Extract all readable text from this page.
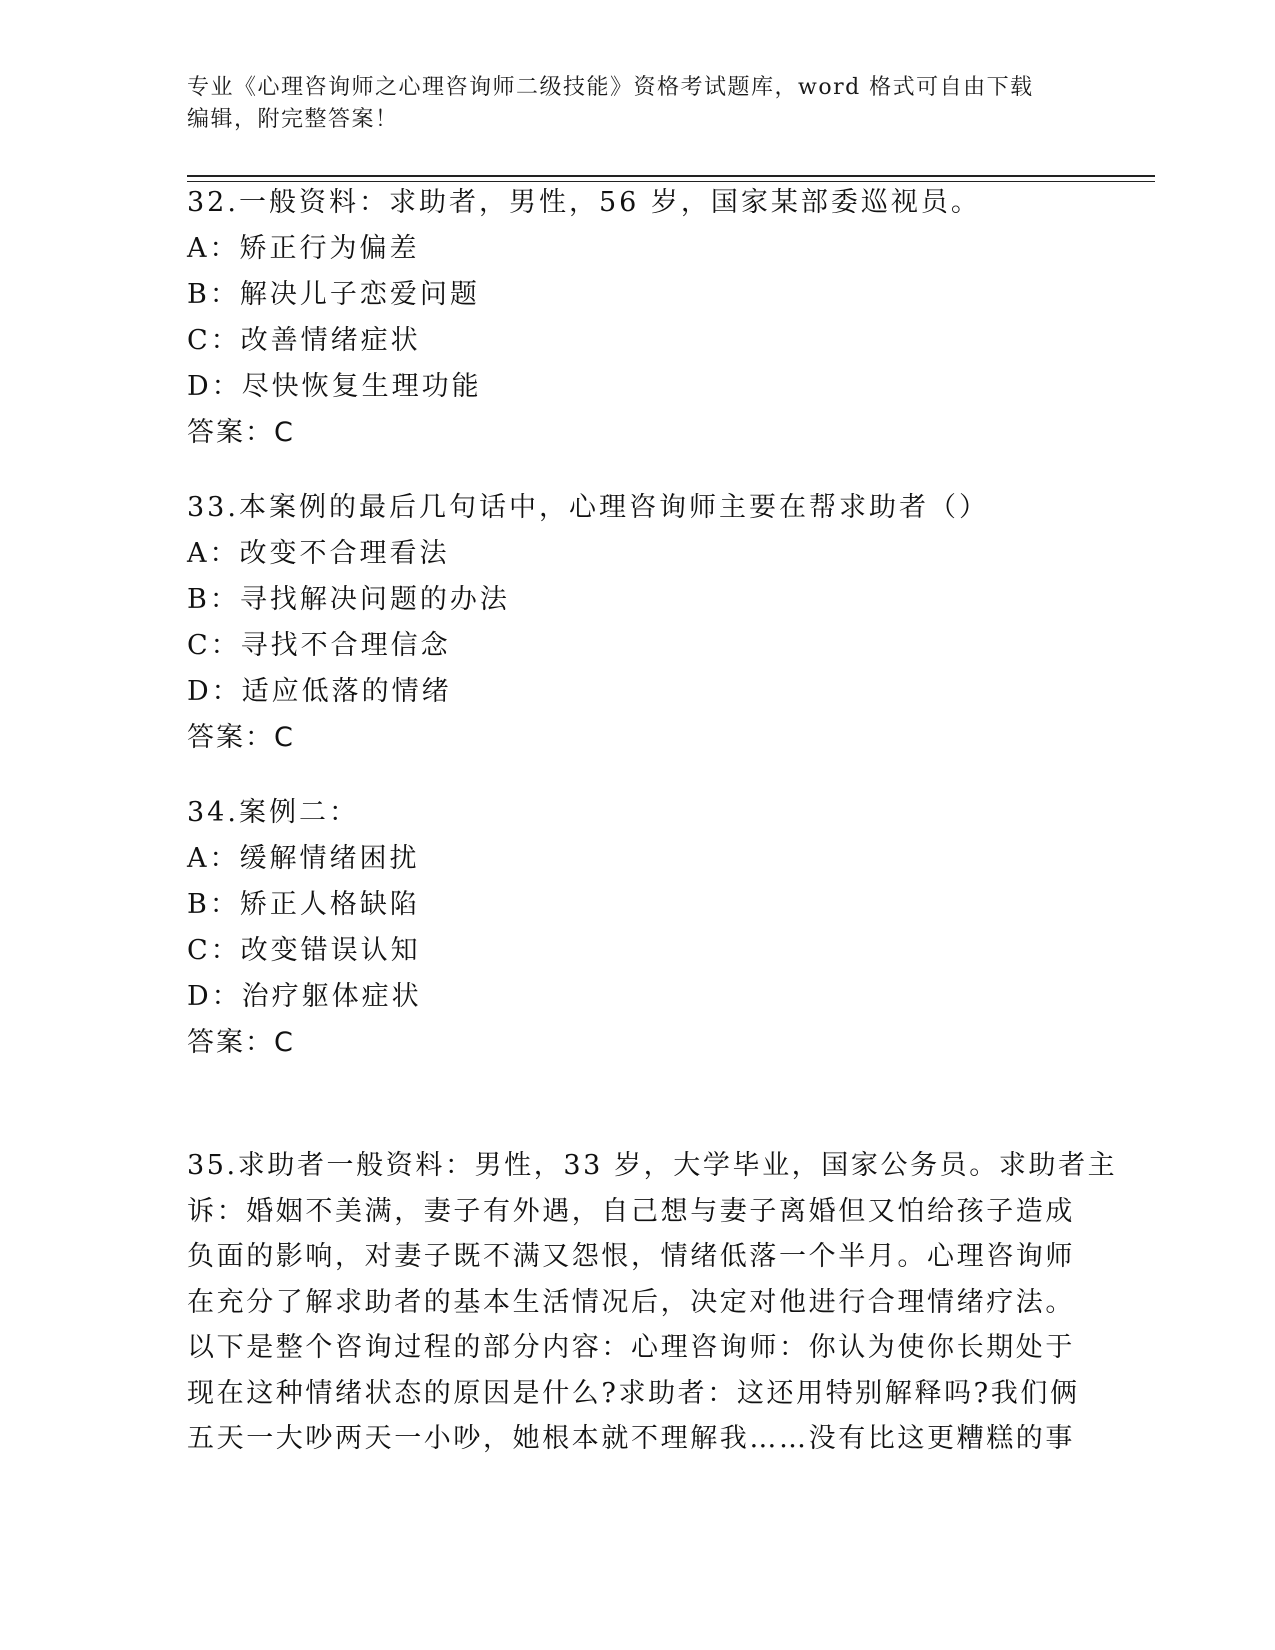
专业《心理咨询师之心理咨询师二级技能》资格考试题库，word 格式可自由下载
编辑，附完整答案！
32.一般资料：求助者，男性，56 岁，国家某部委巡视员。
A：矫正行为偏差
B：解决儿子恋爱问题
C：改善情绪症状
D：尽快恢复生理功能
答案：C
33.本案例的最后几句话中，心理咨询师主要在帮求助者（）
A：改变不合理看法
B：寻找解决问题的办法
C：寻找不合理信念
D：适应低落的情绪
答案：C
34.案例二：
A：缓解情绪困扰
B：矫正人格缺陷
C：改变错误认知
D：治疗躯体症状
答案：C
35.求助者一般资料：男性，33 岁，大学毕业，国家公务员。求助者主
诉：婚姻不美满，妻子有外遇，自己想与妻子离婚但又怕给孩子造成
负面的影响，对妻子既不满又怨恨，情绪低落一个半月。心理咨询师
在充分了解求助者的基本生活情况后，决定对他进行合理情绪疗法。
以下是整个咨询过程的部分内容：心理咨询师：你认为使你长期处于
现在这种情绪状态的原因是什么?求助者：这还用特别解释吗?我们俩
五天一大吵两天一小吵，她根本就不理解我……没有比这更糟糕的事
